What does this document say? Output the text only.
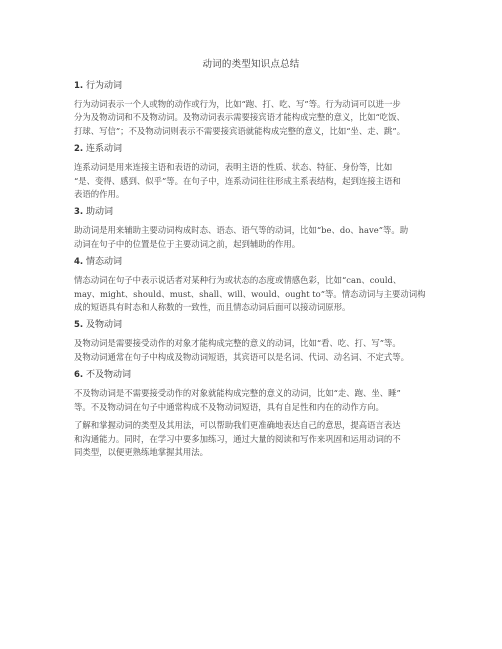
动词的类型知识点总结
1. 行为动词
行为动词表示一个人或物的动作或行为，比如“跑、打、吃、写”等。行为动词可以进一步
分为及物动词和不及物动词。及物动词表示需要接宾语才能构成完整的意义，比如“吃饭、
打球、写信”；不及物动词则表示不需要接宾语就能构成完整的意义，比如“坐、走、跳”。
2. 连系动词
连系动词是用来连接主语和表语的动词，表明主语的性质、状态、特征、身份等，比如
“是、变得、感到、似乎”等。在句子中，连系动词往往形成主系表结构，起到连接主语和
表语的作用。
3. 助动词
助动词是用来辅助主要动词构成时态、语态、语气等的动词，比如“be、do、have”等。助
动词在句子中的位置是位于主要动词之前，起到辅助的作用。
4. 情态动词
情态动词在句子中表示说话者对某种行为或状态的态度或情感色彩，比如“can、could、
may、might、should、must、shall、will、would、ought to”等。情态动词与主要动词构
成的短语具有时态和人称数的一致性，而且情态动词后面可以接动词原形。
5. 及物动词
及物动词是需要接受动作的对象才能构成完整的意义的动词，比如“看、吃、打、写”等。
及物动词通常在句子中构成及物动词短语，其宾语可以是名词、代词、动名词、不定式等。
6. 不及物动词
不及物动词是不需要接受动作的对象就能构成完整的意义的动词，比如“走、跑、坐、睡”
等。不及物动词在句子中通常构成不及物动词短语，具有自足性和内在的动作方向。
了解和掌握动词的类型及其用法，可以帮助我们更准确地表达自己的意思，提高语言表达
和沟通能力。同时，在学习中要多加练习，通过大量的阅读和写作来巩固和运用动词的不
同类型，以便更熟练地掌握其用法。
